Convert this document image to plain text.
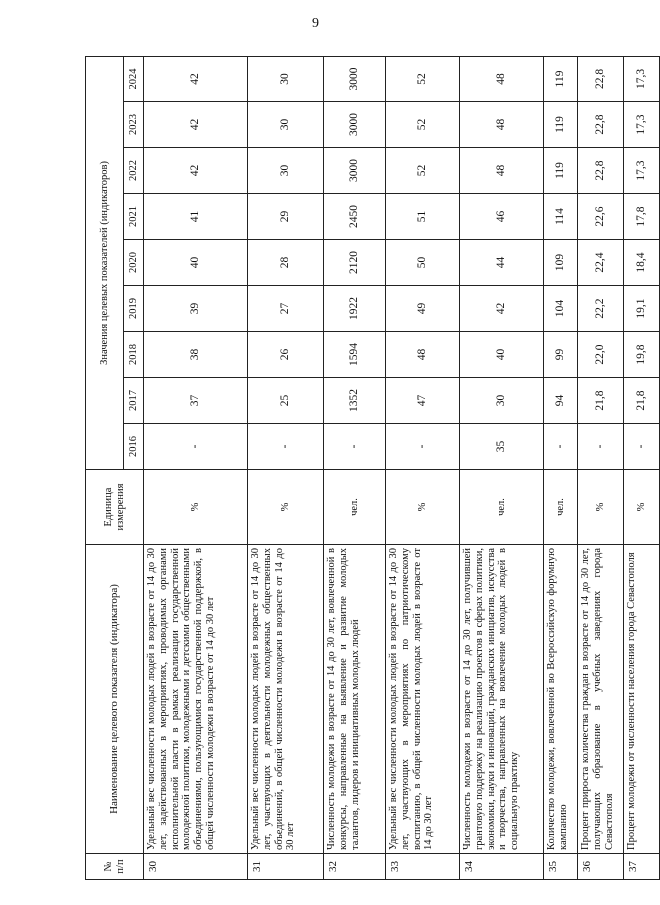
9
№ п/п	Наименование целевого показателя (индикатора)	Единица измерения	Значения целевых показателей (индикаторов)								
			2016	2017	2018	2019	2020	2021	2022	2023	2024
30	Удельный вес численности молодых людей в возрасте от 14 до 30 лет, задействованных в мероприятиях, проводимых органами исполнительной власти в рамках реализации государственной молодежной политики, молодежными и детскими общественными объединениями, пользующимися государственной поддержкой, в общей численности молодежи в возрасте от 14 до 30 лет	%	-	37	38	39	40	41	42	42	42
31	Удельный вес численности молодых людей в возрасте от 14 до 30 лет, участвующих в деятельности молодежных общественных объединений, в общей численности молодежи в возрасте от 14 до 30 лет	%	-	25	26	27	28	29	30	30	30
32	Численность молодежи в возрасте от 14 до 30 лет, вовлеченной в конкурсы, направленные на выявление и развитие молодых талантов, лидеров и инициативных молодых людей	чел.	-	1352	1594	1922	2120	2450	3000	3000	3000
33	Удельный вес численности молодых людей в возрасте от 14 до 30 лет, участвующих в мероприятиях по патриотическому воспитанию, в общей численности молодых людей в возрасте от 14 до 30 лет	%	-	47	48	49	50	51	52	52	52
34	Численность молодежи в возрасте от 14 до 30 лет, получившей грантовую поддержку на реализацию проектов в сферах политики, экономики, науки и инноваций, гражданских инициатив, искусства и творчества, направленных на вовлечение молодых людей в социальную практику	чел.	35	30	40	42	44	46	48	48	48
35	Количество молодежи, вовлеченной во Всероссийскую форумную кампанию	чел.	-	94	99	104	109	114	119	119	119
36	Процент прироста количества граждан в возрасте от 14 до 30 лет, получающих образование в учебных заведениях города Севастополя	%	-	21,8	22,0	22,2	22,4	22,6	22,8	22,8	22,8
37	Процент молодежи от численности населения города Севастополя	%	-	21,8	19,8	19,1	18,4	17,8	17,3	17,3	17,3
